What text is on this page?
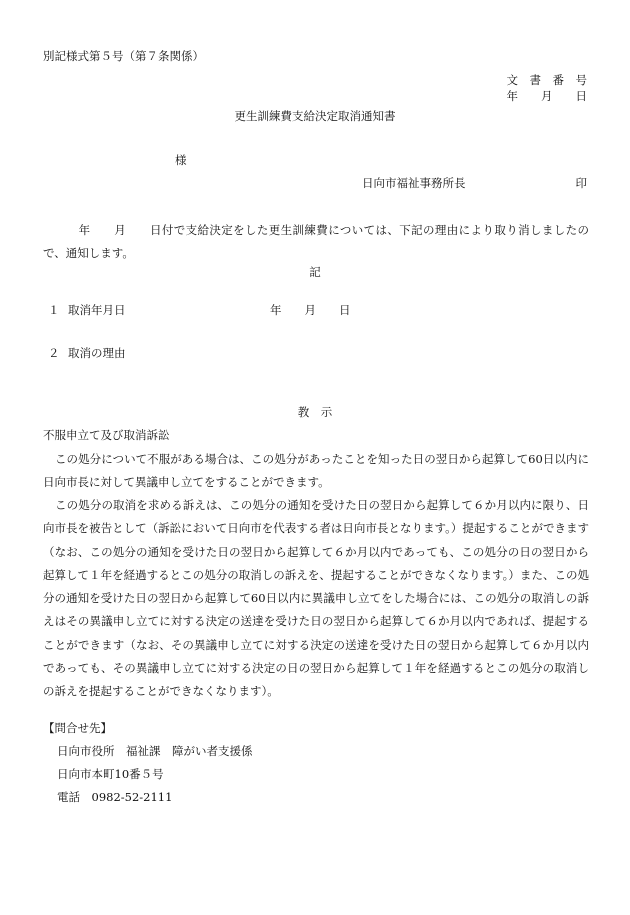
別記様式第５号（第７条関係）
文　書　番　号
年　　月　　日
更生訓練費支給決定取消通知書
様
日向市福祉事務所長	印
　　　年　　月　　日付で支給決定をした更生訓練費については、下記の理由により取り消しましたので、通知します。
記
１ 取消年月日	年　　月　　日
２ 取消の理由
教　示
不服申立て及び取消訴訟
この処分について不服がある場合は、この処分があったことを知った日の翌日から起算して60日以内に日向市長に対して異議申し立てをすることができます。
この処分の取消を求める訴えは、この処分の通知を受けた日の翌日から起算して６か月以内に限り、日向市長を被告として（訴訟において日向市を代表する者は日向市長となります。）提起することができます（なお、この処分の通知を受けた日の翌日から起算して６か月以内であっても、この処分の日の翌日から起算して１年を経過するとこの処分の取消しの訴えを、提起することができなくなります。）また、この処分の通知を受けた日の翌日から起算して60日以内に異議申し立てをした場合には、この処分の取消しの訴えはその異議申し立てに対する決定の送達を受けた日の翌日から起算して６か月以内であれば、提起することができます（なお、その異議申し立てに対する決定の送達を受けた日の翌日から起算して６か月以内であっても、その異議申し立てに対する決定の日の翌日から起算して１年を経過するとこの処分の取消しの訴えを提起することができなくなります）。
【問合せ先】
日向市役所　福祉課　障がい者支援係
日向市本町10番５号
電話　0982-52-2111
